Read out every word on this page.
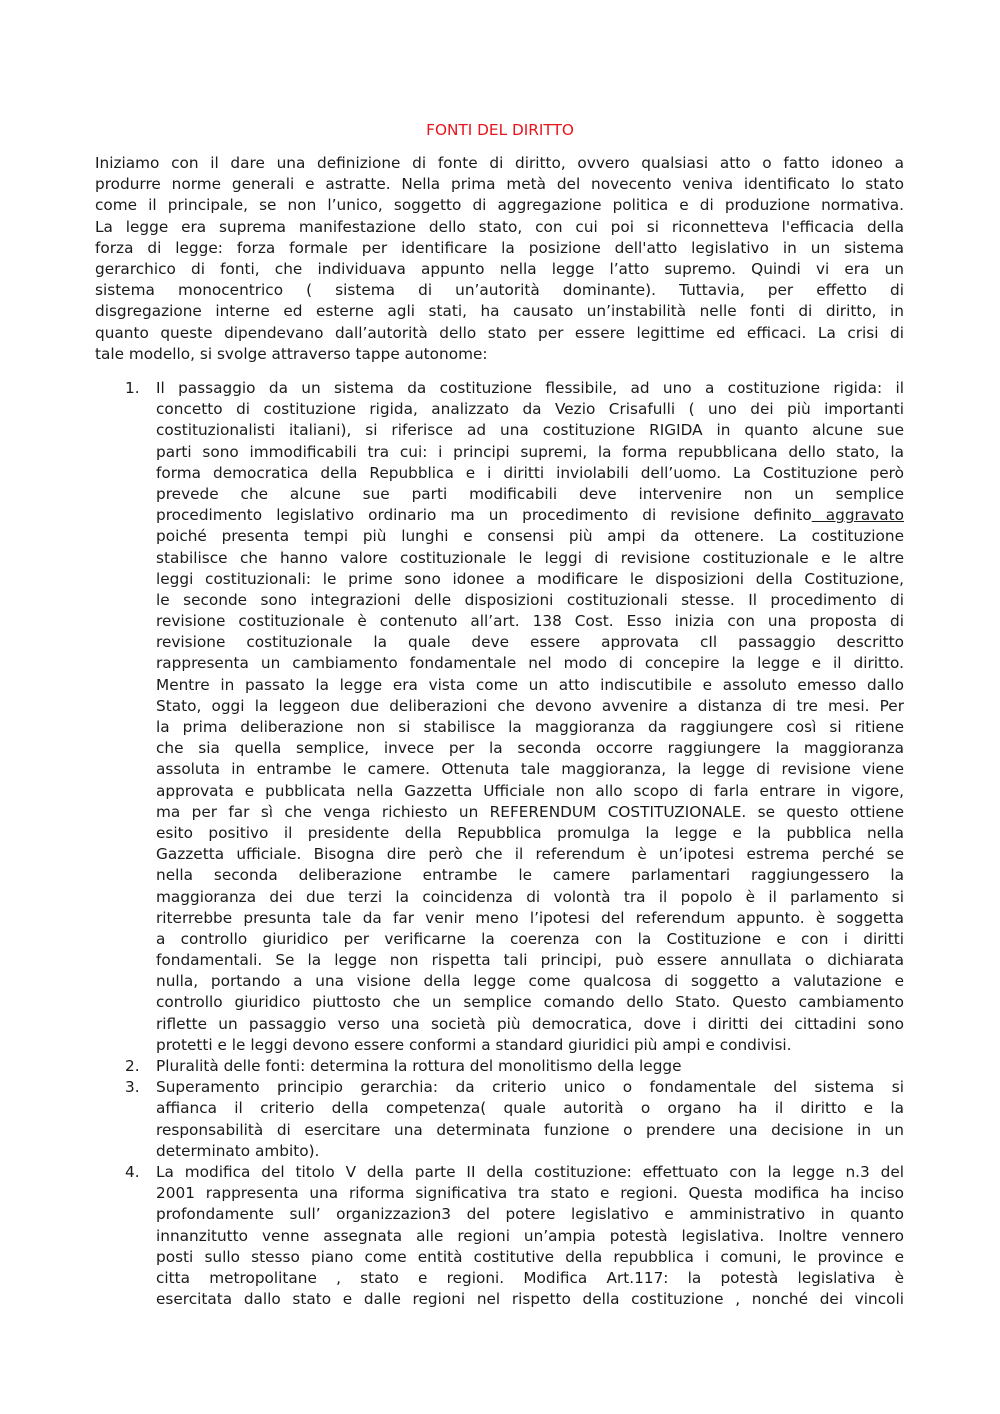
FONTI DEL DIRITTO
Iniziamo con il dare una definizione di fonte di diritto, ovvero qualsiasi atto o fatto idoneo a
produrre norme generali e astratte. Nella prima metà del novecento veniva identificato lo stato
come il principale, se non l’unico, soggetto di aggregazione politica e di produzione normativa.
La legge era suprema manifestazione dello stato, con cui poi si riconnetteva l'efficacia della
forza di legge: forza formale per identificare la posizione dell'atto legislativo in un sistema
gerarchico di fonti, che individuava appunto nella legge l’atto supremo. Quindi vi era un
sistema monocentrico ( sistema di un’autorità dominante). Tuttavia, per effetto di
disgregazione interne ed esterne agli stati, ha causato un’instabilità nelle fonti di diritto, in
quanto queste dipendevano dall’autorità dello stato per essere legittime ed efficaci. La crisi di
tale modello, si svolge attraverso tappe autonome:
1.	Il passaggio da un sistema da costituzione flessibile, ad uno a costituzione rigida: il
concetto di costituzione rigida, analizzato da Vezio Crisafulli ( uno dei più importanti
costituzionalisti italiani), si riferisce ad una costituzione RIGIDA in quanto alcune sue
parti sono immodificabili tra cui: i principi supremi, la forma repubblicana dello stato, la
forma democratica della Repubblica e i diritti inviolabili dell’uomo. La Costituzione però
prevede che alcune sue parti modificabili deve intervenire non un semplice
procedimento legislativo ordinario ma un procedimento di revisione definito aggravato
poiché presenta tempi più lunghi e consensi più ampi da ottenere. La costituzione
stabilisce che hanno valore costituzionale le leggi di revisione costituzionale e le altre
leggi costituzionali: le prime sono idonee a modificare le disposizioni della Costituzione,
le seconde sono integrazioni delle disposizioni costituzionali stesse. Il procedimento di
revisione costituzionale è contenuto all’art. 138 Cost. Esso inizia con una proposta di
revisione costituzionale la quale deve essere approvata cIl passaggio descritto
rappresenta un cambiamento fondamentale nel modo di concepire la legge e il diritto.
Mentre in passato la legge era vista come un atto indiscutibile e assoluto emesso dallo
Stato, oggi la leggeon due deliberazioni che devono avvenire a distanza di tre mesi. Per
la prima deliberazione non si stabilisce la maggioranza da raggiungere così si ritiene
che sia quella semplice, invece per la seconda occorre raggiungere la maggioranza
assoluta in entrambe le camere. Ottenuta tale maggioranza, la legge di revisione viene
approvata e pubblicata nella Gazzetta Ufficiale non allo scopo di farla entrare in vigore,
ma per far sì che venga richiesto un REFERENDUM COSTITUZIONALE. se questo ottiene
esito positivo il presidente della Repubblica promulga la legge e la pubblica nella
Gazzetta ufficiale. Bisogna dire però che il referendum è un’ipotesi estrema perché se
nella seconda deliberazione entrambe le camere parlamentari raggiungessero la
maggioranza dei due terzi la coincidenza di volontà tra il popolo è il parlamento si
riterrebbe presunta tale da far venir meno l’ipotesi del referendum appunto. è soggetta
a controllo giuridico per verificarne la coerenza con la Costituzione e con i diritti
fondamentali. Se la legge non rispetta tali principi, può essere annullata o dichiarata
nulla, portando a una visione della legge come qualcosa di soggetto a valutazione e
controllo giuridico piuttosto che un semplice comando dello Stato. Questo cambiamento
riflette un passaggio verso una società più democratica, dove i diritti dei cittadini sono
protetti e le leggi devono essere conformi a standard giuridici più ampi e condivisi.
2.	Pluralità delle fonti: determina la rottura del monolitismo della legge
3.	Superamento principio gerarchia: da criterio unico o fondamentale del sistema si
affianca il criterio della competenza( quale autorità o organo ha il diritto e la
responsabilità di esercitare una determinata funzione o prendere una decisione in un
determinato ambito).
4.	La modifica del titolo V della parte II della costituzione: effettuato con la legge n.3 del
2001 rappresenta una riforma significativa tra stato e regioni. Questa modifica ha inciso
profondamente sull’ organizzazion3 del potere legislativo e amministrativo in quanto
innanzitutto venne assegnata alle regioni un’ampia potestà legislativa. Inoltre vennero
posti sullo stesso piano come entità costitutive della repubblica i comuni, le province e
citta metropolitane , stato e regioni. Modifica Art.117: la potestà legislativa è
esercitata dallo stato e dalle regioni nel rispetto della costituzione , nonché dei vincoli
